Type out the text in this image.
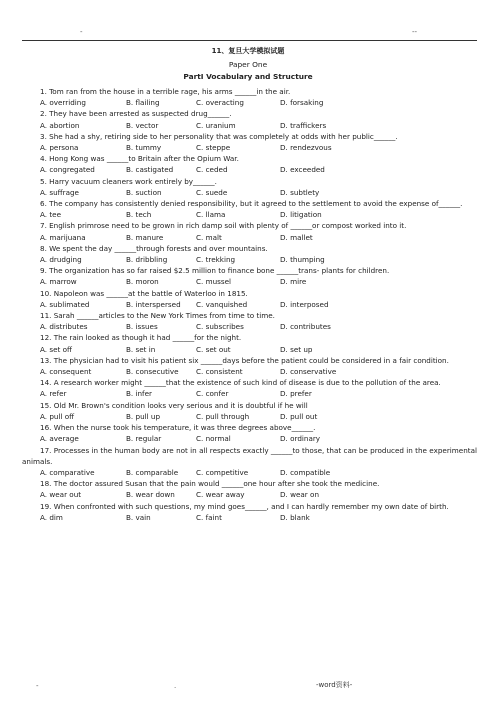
-	--
11、复旦大学模拟试题
Paper One
PartⅠ Vocabulary and Structure
1. Tom ran from the house in a terrible rage, his arms ______in the air.
A. overriding	B. flailing	C. overacting	D. forsaking
2. They have been arrested as suspected drug______.
A. abortion	B. vector	C. uranium	D. traffickers
3. She had a shy, retiring side to her personality that was completely at odds with her public______.
A. persona	B. tummy	C. steppe	D. rendezvous
4. Hong Kong was ______to Britain after the Opium War.
A. congregated	B. castigated	C. ceded	D. exceeded
5. Harry vacuum cleaners work entirely by______.
A. suffrage	B. suction	C. suede	D. subtlety
6. The company has consistently denied responsibility, but it agreed to the settlement to avoid the expense of______.
A. tee	B. tech	C. llama	D. litigation
7. English primrose need to be grown in rich damp soil with plenty of ______or compost worked into it.
A. marijuana	B. manure	C. malt	D. mallet
8. We spent the day ______through forests and over mountains.
A. drudging	B. dribbling	C. trekking	D. thumping
9. The organization has so far raised $2.5 million to finance bone ______trans- plants for children.
A. marrow	B. moron	C. mussel	D. mire
10. Napoleon was ______at the battle of Waterloo in 1815.
A. sublimated	B. interspersed C. vanquished	D. interposed
11. Sarah ______articles to the New York Times from time to time.
A. distributes	B. issues	C. subscribes	D. contributes
12. The rain looked as though it had ______for the night.
A. set off	B. set in	C. set out	D. set up
13. The physician had to visit his patient six ______days before the patient could be considered in a fair condition.
A. consequent	B. consecutive C. consistent	D. conservative
14. A research worker might ______that the existence of such kind of disease is due to the pollution of the area.
A. refer	B. infer	C. confer	D. prefer
15. Old Mr. Brown's condition looks very serious and it is doubtful if he will
A. pull off	B. pull up	C. pull through	D. pull out
16. When the nurse took his temperature, it was three degrees above______.
A. average	B. regular	C. normal	D. ordinary
17. Processes in the human body are not in all respects exactly ______to those, that can be produced in the experimental animals.
A. comparative	B. comparable C. competitive	D. compatible
18. The doctor assured Susan that the pain would ______one hour after she took the medicine.
A. wear out	B. wear down	C. wear away	D. wear on
19. When confronted with such questions, my mind goes______, and I can hardly remember my own date of birth.
A. dim	B. vain	C. faint	D. blank
-	.	-word资料-
